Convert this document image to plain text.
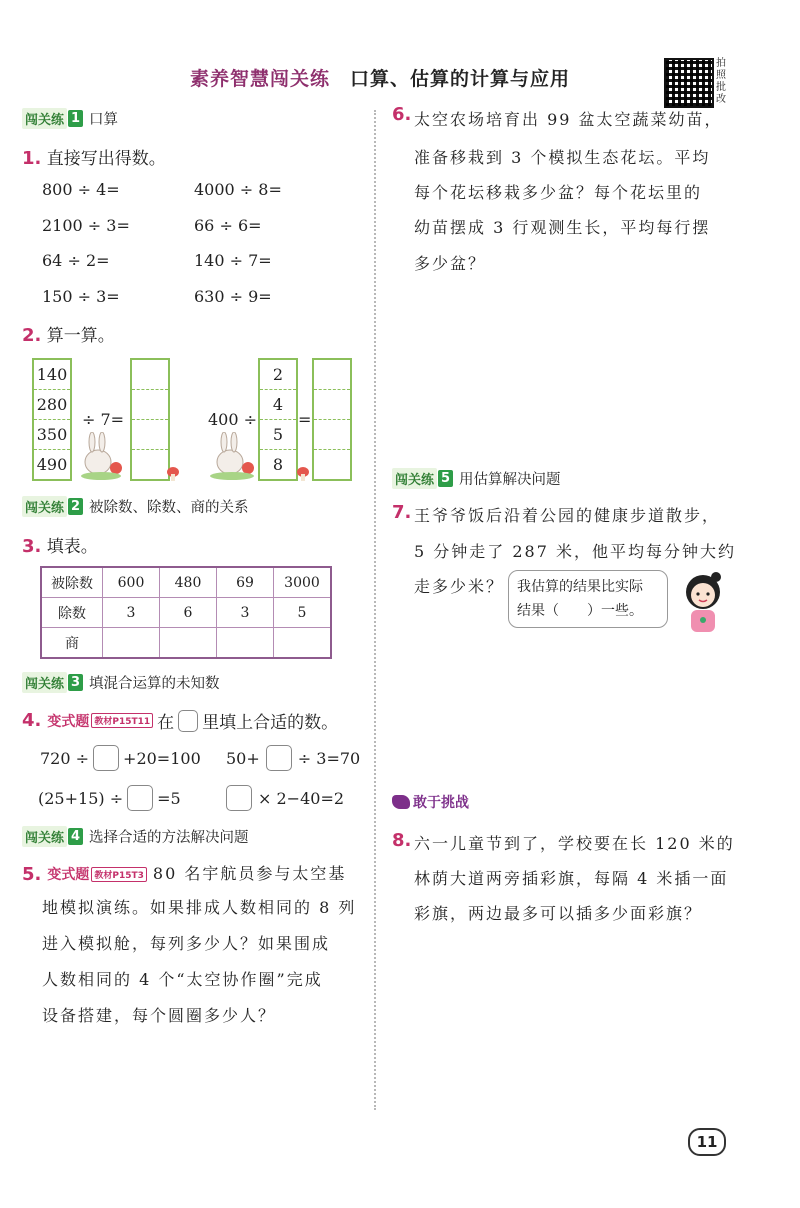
素养智慧闯关练 口算、估算的计算与应用
拍照批改
闯关练 1 口算
1. 直接写出得数。
800 ÷ 4=	4000 ÷ 8=
2100 ÷ 3=	66 ÷ 6=
64 ÷ 2=	140 ÷ 7=
150 ÷ 3=	630 ÷ 9=
2. 算一算。
140
280
350
490
÷ 7=	400 ÷
2
4
5
8
=
闯关练 2 被除数、除数、商的关系
3. 填表。
被除数	600	480	69	3000
除数	3	6	3	5
商				
闯关练 3 填混合运算的未知数
4. 变式题 教材P15T11 在 里填上合适的数。
720 ÷ +20=100 50+ ÷ 3=70
(25+15) ÷ =5	× 2−40=2
闯关练 4 选择合适的方法解决问题
5. 变式题 教材P15T3 80 名宇航员参与太空基
地模拟演练。如果排成人数相同的 8 列
进入模拟舱，每列多少人？如果围成
人数相同的 4 个“太空协作圈”完成
设备搭建，每个圆圈多少人？
6. 太空农场培育出 99 盆太空蔬菜幼苗，
准备移栽到 3 个模拟生态花坛。平均
每个花坛移栽多少盆？每个花坛里的
幼苗摆成 3 行观测生长，平均每行摆
多少盆？
闯关练 5 用估算解决问题
7. 王爷爷饭后沿着公园的健康步道散步，
5 分钟走了 287 米，他平均每分钟大约
走多少米？ 我估算的结果比实际
结果（　　）一些。
敢于挑战
8. 六一儿童节到了，学校要在长 120 米的
林荫大道两旁插彩旗，每隔 4 米插一面
彩旗，两边最多可以插多少面彩旗？
11
